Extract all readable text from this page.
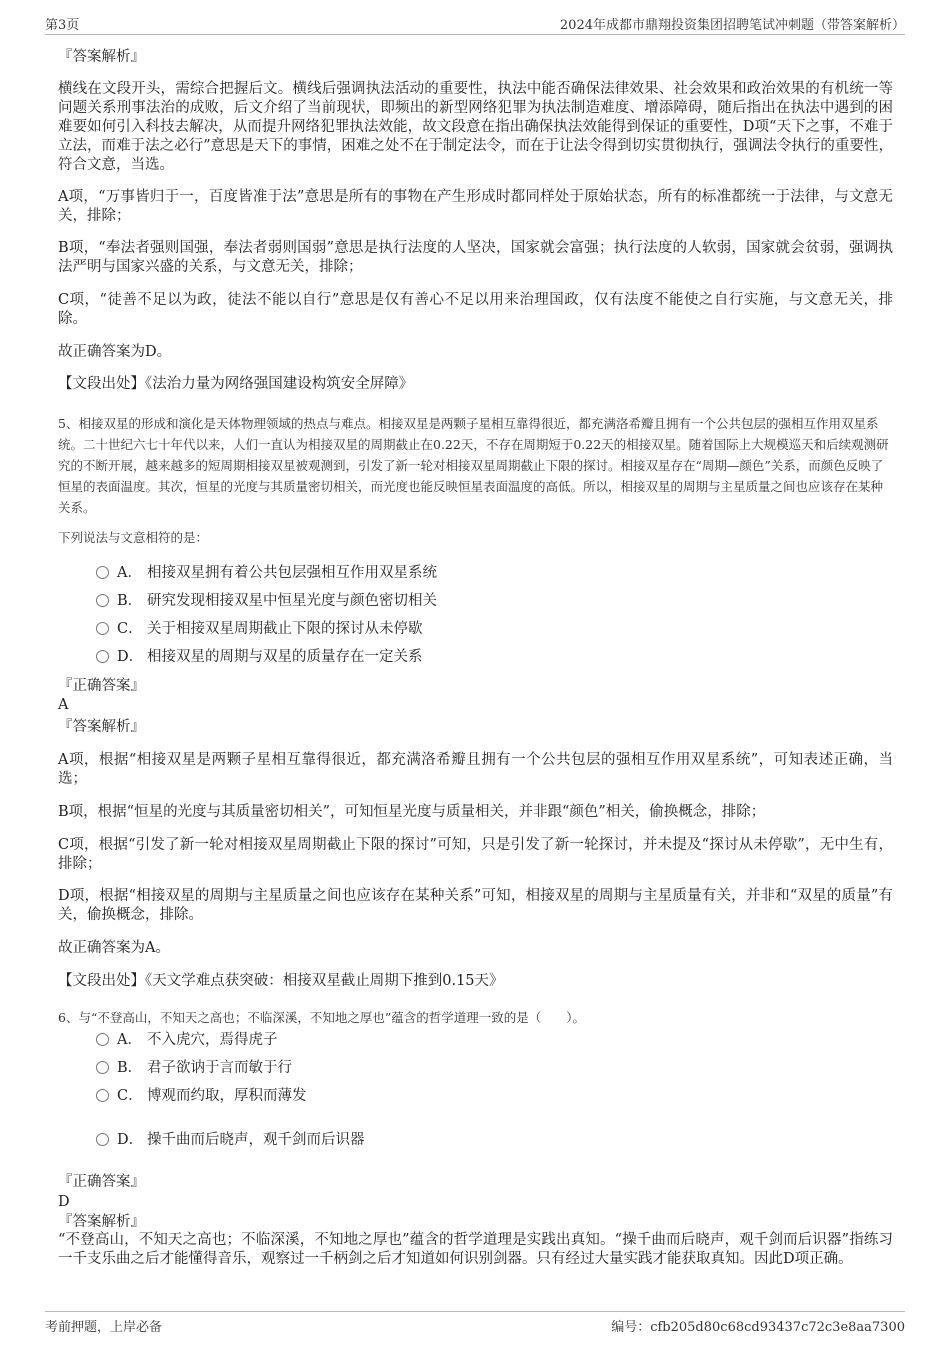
第3页	2024年成都市鼎翔投资集团招聘笔试冲刺题（带答案解析）
『答案解析』
横线在文段开头，需综合把握后文。横线后强调执法活动的重要性，执法中能否确保法律效果、社会效果和政治效果的有机统一等问题关系刑事法治的成败，后文介绍了当前现状，即频出的新型网络犯罪为执法制造难度、增添障碍，随后指出在执法中遇到的困难要如何引入科技去解决，从而提升网络犯罪执法效能，故文段意在指出确保执法效能得到保证的重要性，D项“天下之事，不难于立法，而难于法之必行”意思是天下的事情，困难之处不在于制定法令，而在于让法令得到切实贯彻执行，强调法令执行的重要性，符合文意，当选。
A项，“万事皆归于一，百度皆准于法”意思是所有的事物在产生形成时都同样处于原始状态，所有的标准都统一于法律，与文意无关，排除；
B项，“奉法者强则国强，奉法者弱则国弱”意思是执行法度的人坚决，国家就会富强；执行法度的人软弱，国家就会贫弱，强调执法严明与国家兴盛的关系，与文意无关，排除；
C项，“徒善不足以为政，徒法不能以自行”意思是仅有善心不足以用来治理国政，仅有法度不能使之自行实施，与文意无关，排除。
故正确答案为D。
【文段出处】《法治力量为网络强国建设构筑安全屏障》
5、相接双星的形成和演化是天体物理领域的热点与难点。相接双星是两颗子星相互靠得很近，都充满洛希瓣且拥有一个公共包层的强相互作用双星系统。二十世纪六七十年代以来，人们一直认为相接双星的周期截止在0.22天，不存在周期短于0.22天的相接双星。随着国际上大规模巡天和后续观测研究的不断开展，越来越多的短周期相接双星被观测到，引发了新一轮对相接双星周期截止下限的探讨。相接双星存在“周期—颜色”关系，而颜色反映了恒星的表面温度。其次，恒星的光度与其质量密切相关，而光度也能反映恒星表面温度的高低。所以，相接双星的周期与主星质量之间也应该存在某种关系。
下列说法与文意相符的是：
A． 相接双星拥有着公共包层强相互作用双星系统
B． 研究发现相接双星中恒星光度与颜色密切相关
C． 关于相接双星周期截止下限的探讨从未停歇
D． 相接双星的周期与双星的质量存在一定关系
『正确答案』
A
『答案解析』
A项，根据“相接双星是两颗子星相互靠得很近，都充满洛希瓣且拥有一个公共包层的强相互作用双星系统”，可知表述正确，当选；
B项，根据“恒星的光度与其质量密切相关”，可知恒星光度与质量相关，并非跟“颜色”相关，偷换概念，排除；
C项，根据“引发了新一轮对相接双星周期截止下限的探讨”可知，只是引发了新一轮探讨，并未提及“探讨从未停歇”，无中生有，排除；
D项，根据“相接双星的周期与主星质量之间也应该存在某种关系”可知，相接双星的周期与主星质量有关，并非和“双星的质量”有关，偷换概念，排除。
故正确答案为A。
【文段出处】《天文学难点获突破：相接双星截止周期下推到0.15天》
6、与“不登高山，不知天之高也；不临深溪，不知地之厚也”蕴含的哲学道理一致的是（　　）。
A． 不入虎穴，焉得虎子
B． 君子欲讷于言而敏于行
C． 博观而约取，厚积而薄发
D． 操千曲而后晓声，观千剑而后识器
『正确答案』
D
『答案解析』
“不登高山，不知天之高也；不临深溪，不知地之厚也”蕴含的哲学道理是实践出真知。“操千曲而后晓声，观千剑而后识器”指练习一千支乐曲之后才能懂得音乐，观察过一千柄剑之后才知道如何识别剑器。只有经过大量实践才能获取真知。因此D项正确。
考前押题，上岸必备	编号：cfb205d80c68cd93437c72c3e8aa7300
